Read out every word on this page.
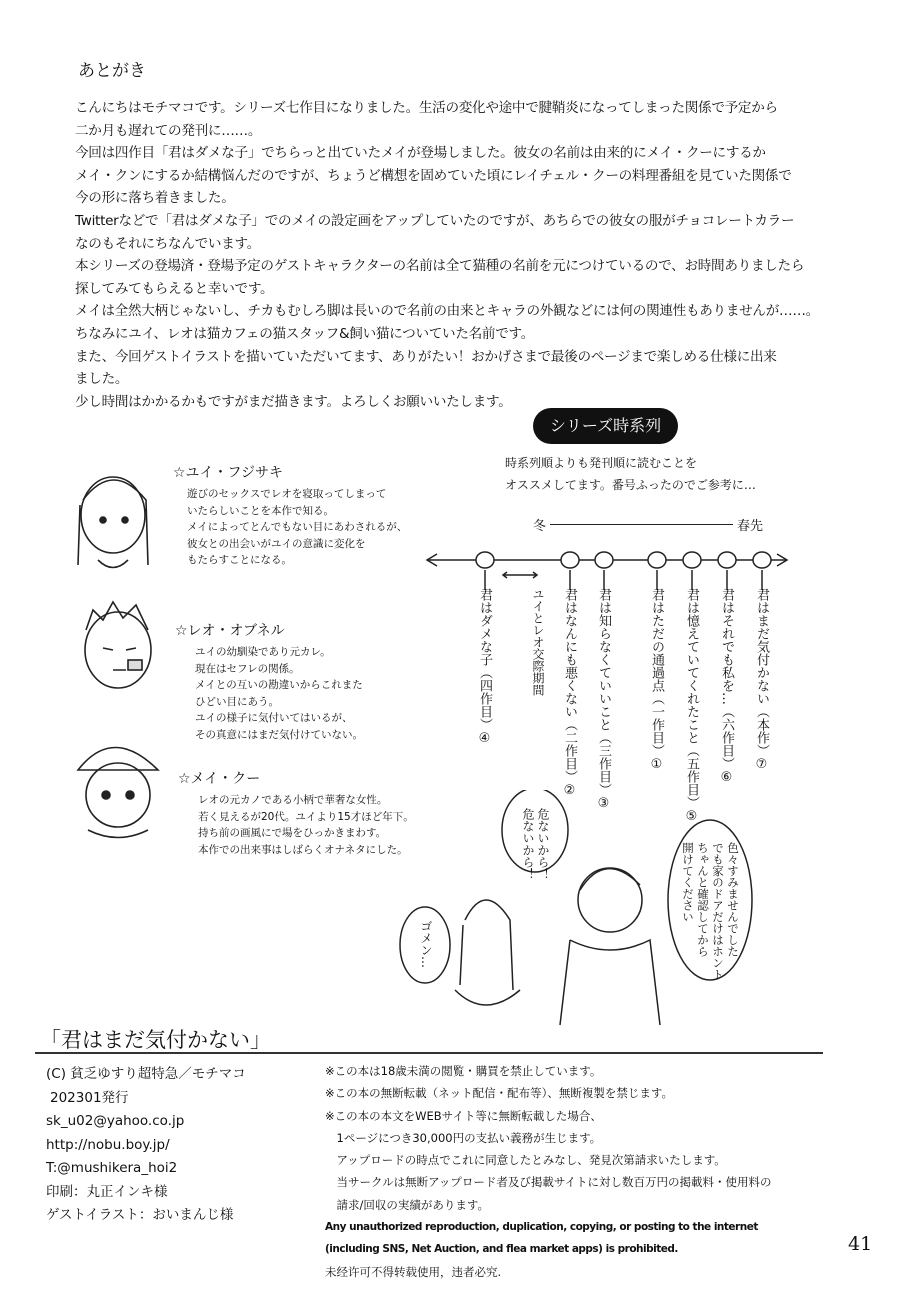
あとがき
こんにちはモチマコです。シリーズ七作目になりました。生活の変化や途中で腱鞘炎になってしまった関係で予定から
二か月も遅れての発刊に……。
今回は四作目「君はダメな子」でちらっと出ていたメイが登場しました。彼女の名前は由来的にメイ・クーにするか
メイ・クンにするか結構悩んだのですが、ちょうど構想を固めていた頃にレイチェル・クーの料理番組を見ていた関係で
今の形に落ち着きました。
Twitterなどで「君はダメな子」でのメイの設定画をアップしていたのですが、あちらでの彼女の服がチョコレートカラー
なのもそれにちなんでいます。
本シリーズの登場済・登場予定のゲストキャラクターの名前は全て猫種の名前を元につけているので、お時間ありましたら
探してみてもらえると幸いです。
メイは全然大柄じゃないし、チカもむしろ脚は長いので名前の由来とキャラの外観などには何の関連性もありませんが……。
ちなみにユイ、レオは猫カフェの猫スタッフ&飼い猫についていた名前です。
また、今回ゲストイラストを描いていただいてます、ありがたい！おかげさまで最後のページまで楽しめる仕様に出来
ました。
少し時間はかかるかもですがまだ描きます。よろしくお願いいたします。
☆ユイ・フジサキ
遊びのセックスでレオを寝取ってしまって
いたらしいことを本作で知る。
メイによってとんでもない目にあわされるが、
彼女との出会いがユイの意識に変化を
もたらすことになる。
☆レオ・オブネル
ユイの幼馴染であり元カレ。
現在はセフレの関係。
メイとの互いの勘違いからこれまた
ひどい目にあう。
ユイの様子に気付いてはいるが、
その真意にはまだ気付けていない。
☆メイ・クー
レオの元カノである小柄で華奢な女性。
若く見えるが20代。ユイより15才ほど年下。
持ち前の画風にで場をひっかきまわす。
本作での出来事はしばらくオナネタにした。
シリーズ時系列
時系列順よりも発刊順に読むことを
オススメしてます。番号ふったのでご参考に…
冬	春先
ユイとレオ交際期間
君はダメな子（四作目）④	君はなんにも悪くない（二作目）② 君は知らなくていいこと（三作目）③	君はただの通過点（一作目）① 君は憶えていてくれたこと（五作目）⑤ 君はそれでも私を…（六作目）⑥ 君はまだ気付かない（本作）⑦
危ないから！
危ないから！	色々すみませんでした
でも家のドアだけはホント
ちゃんと確認してから
開けてください
ゴメン…
「君はまだ気付かない」
(C) 貧乏ゆすり超特急／モチマコ
202301発行
sk_u02@yahoo.co.jp
http://nobu.boy.jp/
T:@mushikera_hoi2
印刷：丸正インキ様
ゲストイラスト：おいまんじ様
※この本は18歳未満の閲覧・購買を禁止しています。
※この本の無断転載（ネット配信・配布等）、無断複製を禁じます。
※この本の本文をWEBサイト等に無断転載した場合、
　1ページにつき30,000円の支払い義務が生じます。
　アップロードの時点でこれに同意したとみなし、発見次第請求いたします。
　当サークルは無断アップロード者及び掲載サイトに対し数百万円の掲載料・使用料の
　請求/回収の実績があります。
Any unauthorized reproduction, duplication, copying, or posting to the internet
(including SNS, Net Auction, and flea market apps) is prohibited.
未经许可不得转载使用，违者必究.
41
